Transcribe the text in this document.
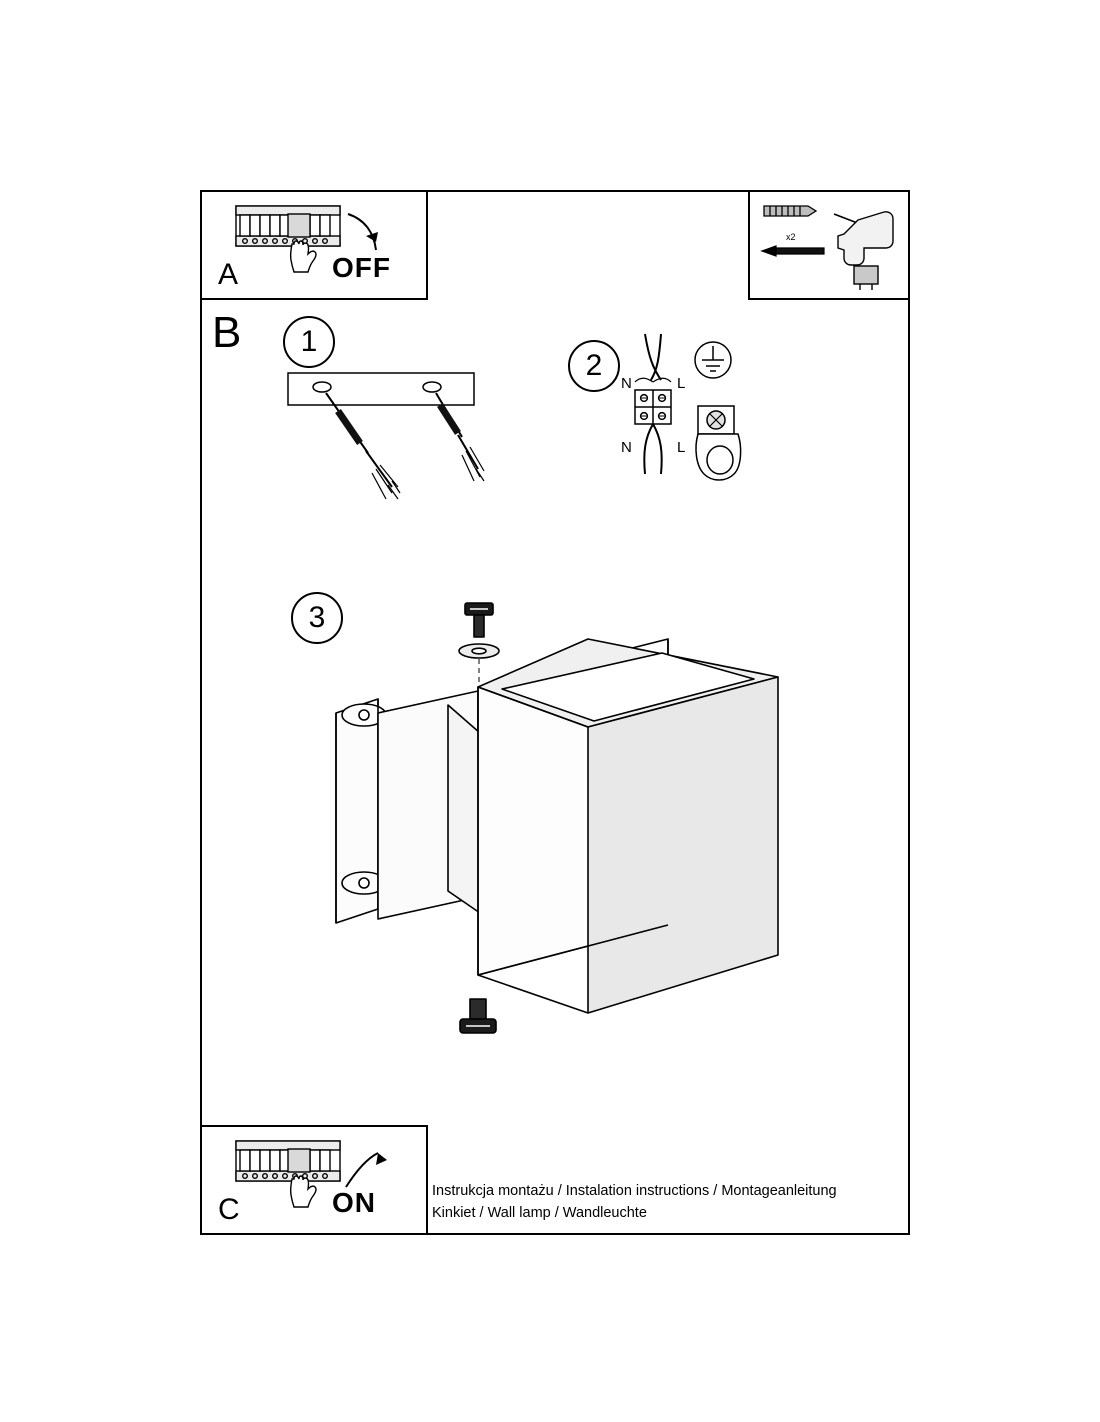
A	OFF
x2
B 1
2
N	L
N	L
3
C	ON	Instrukcja montażu / Instalation instructions / Montageanleitung
Kinkiet / Wall lamp / Wandleuchte
